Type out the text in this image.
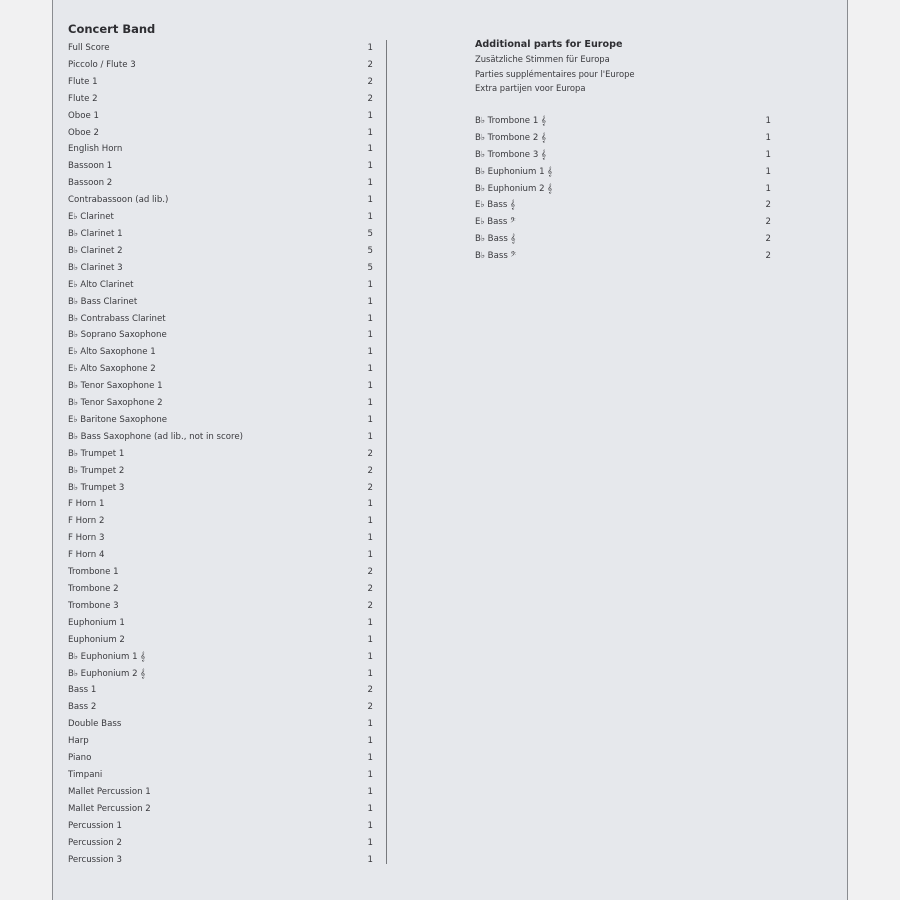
Concert Band
Full Score	1
Piccolo / Flute 3	2
Flute 1	2
Flute 2	2
Oboe 1	1
Oboe 2	1
English Horn	1
Bassoon 1	1
Bassoon 2	1
Contrabassoon (ad lib.)	1
E♭ Clarinet	1
B♭ Clarinet 1	5
B♭ Clarinet 2	5
B♭ Clarinet 3	5
E♭ Alto Clarinet	1
B♭ Bass Clarinet	1
B♭ Contrabass Clarinet	1
B♭ Soprano Saxophone	1
E♭ Alto Saxophone 1	1
E♭ Alto Saxophone 2	1
B♭ Tenor Saxophone 1	1
B♭ Tenor Saxophone 2	1
E♭ Baritone Saxophone	1
B♭ Bass Saxophone (ad lib., not in score)	1
B♭ Trumpet 1	2
B♭ Trumpet 2	2
B♭ Trumpet 3	2
F Horn 1	1
F Horn 2	1
F Horn 3	1
F Horn 4	1
Trombone 1	2
Trombone 2	2
Trombone 3	2
Euphonium 1	1
Euphonium 2	1
B♭ Euphonium 1 𝄞	1
B♭ Euphonium 2 𝄞	1
Bass 1	2
Bass 2	2
Double Bass	1
Harp	1
Piano	1
Timpani	1
Mallet Percussion 1	1
Mallet Percussion 2	1
Percussion 1	1
Percussion 2	1
Percussion 3	1
Additional parts for Europe
Zusätzliche Stimmen für Europa
Parties supplémentaires pour l'Europe
Extra partijen voor Europa
B♭ Trombone 1 𝄞	1
B♭ Trombone 2 𝄞	1
B♭ Trombone 3 𝄞	1
B♭ Euphonium 1 𝄞	1
B♭ Euphonium 2 𝄞	1
E♭ Bass 𝄞	2
E♭ Bass 𝄢	2
B♭ Bass 𝄞	2
B♭ Bass 𝄢	2
